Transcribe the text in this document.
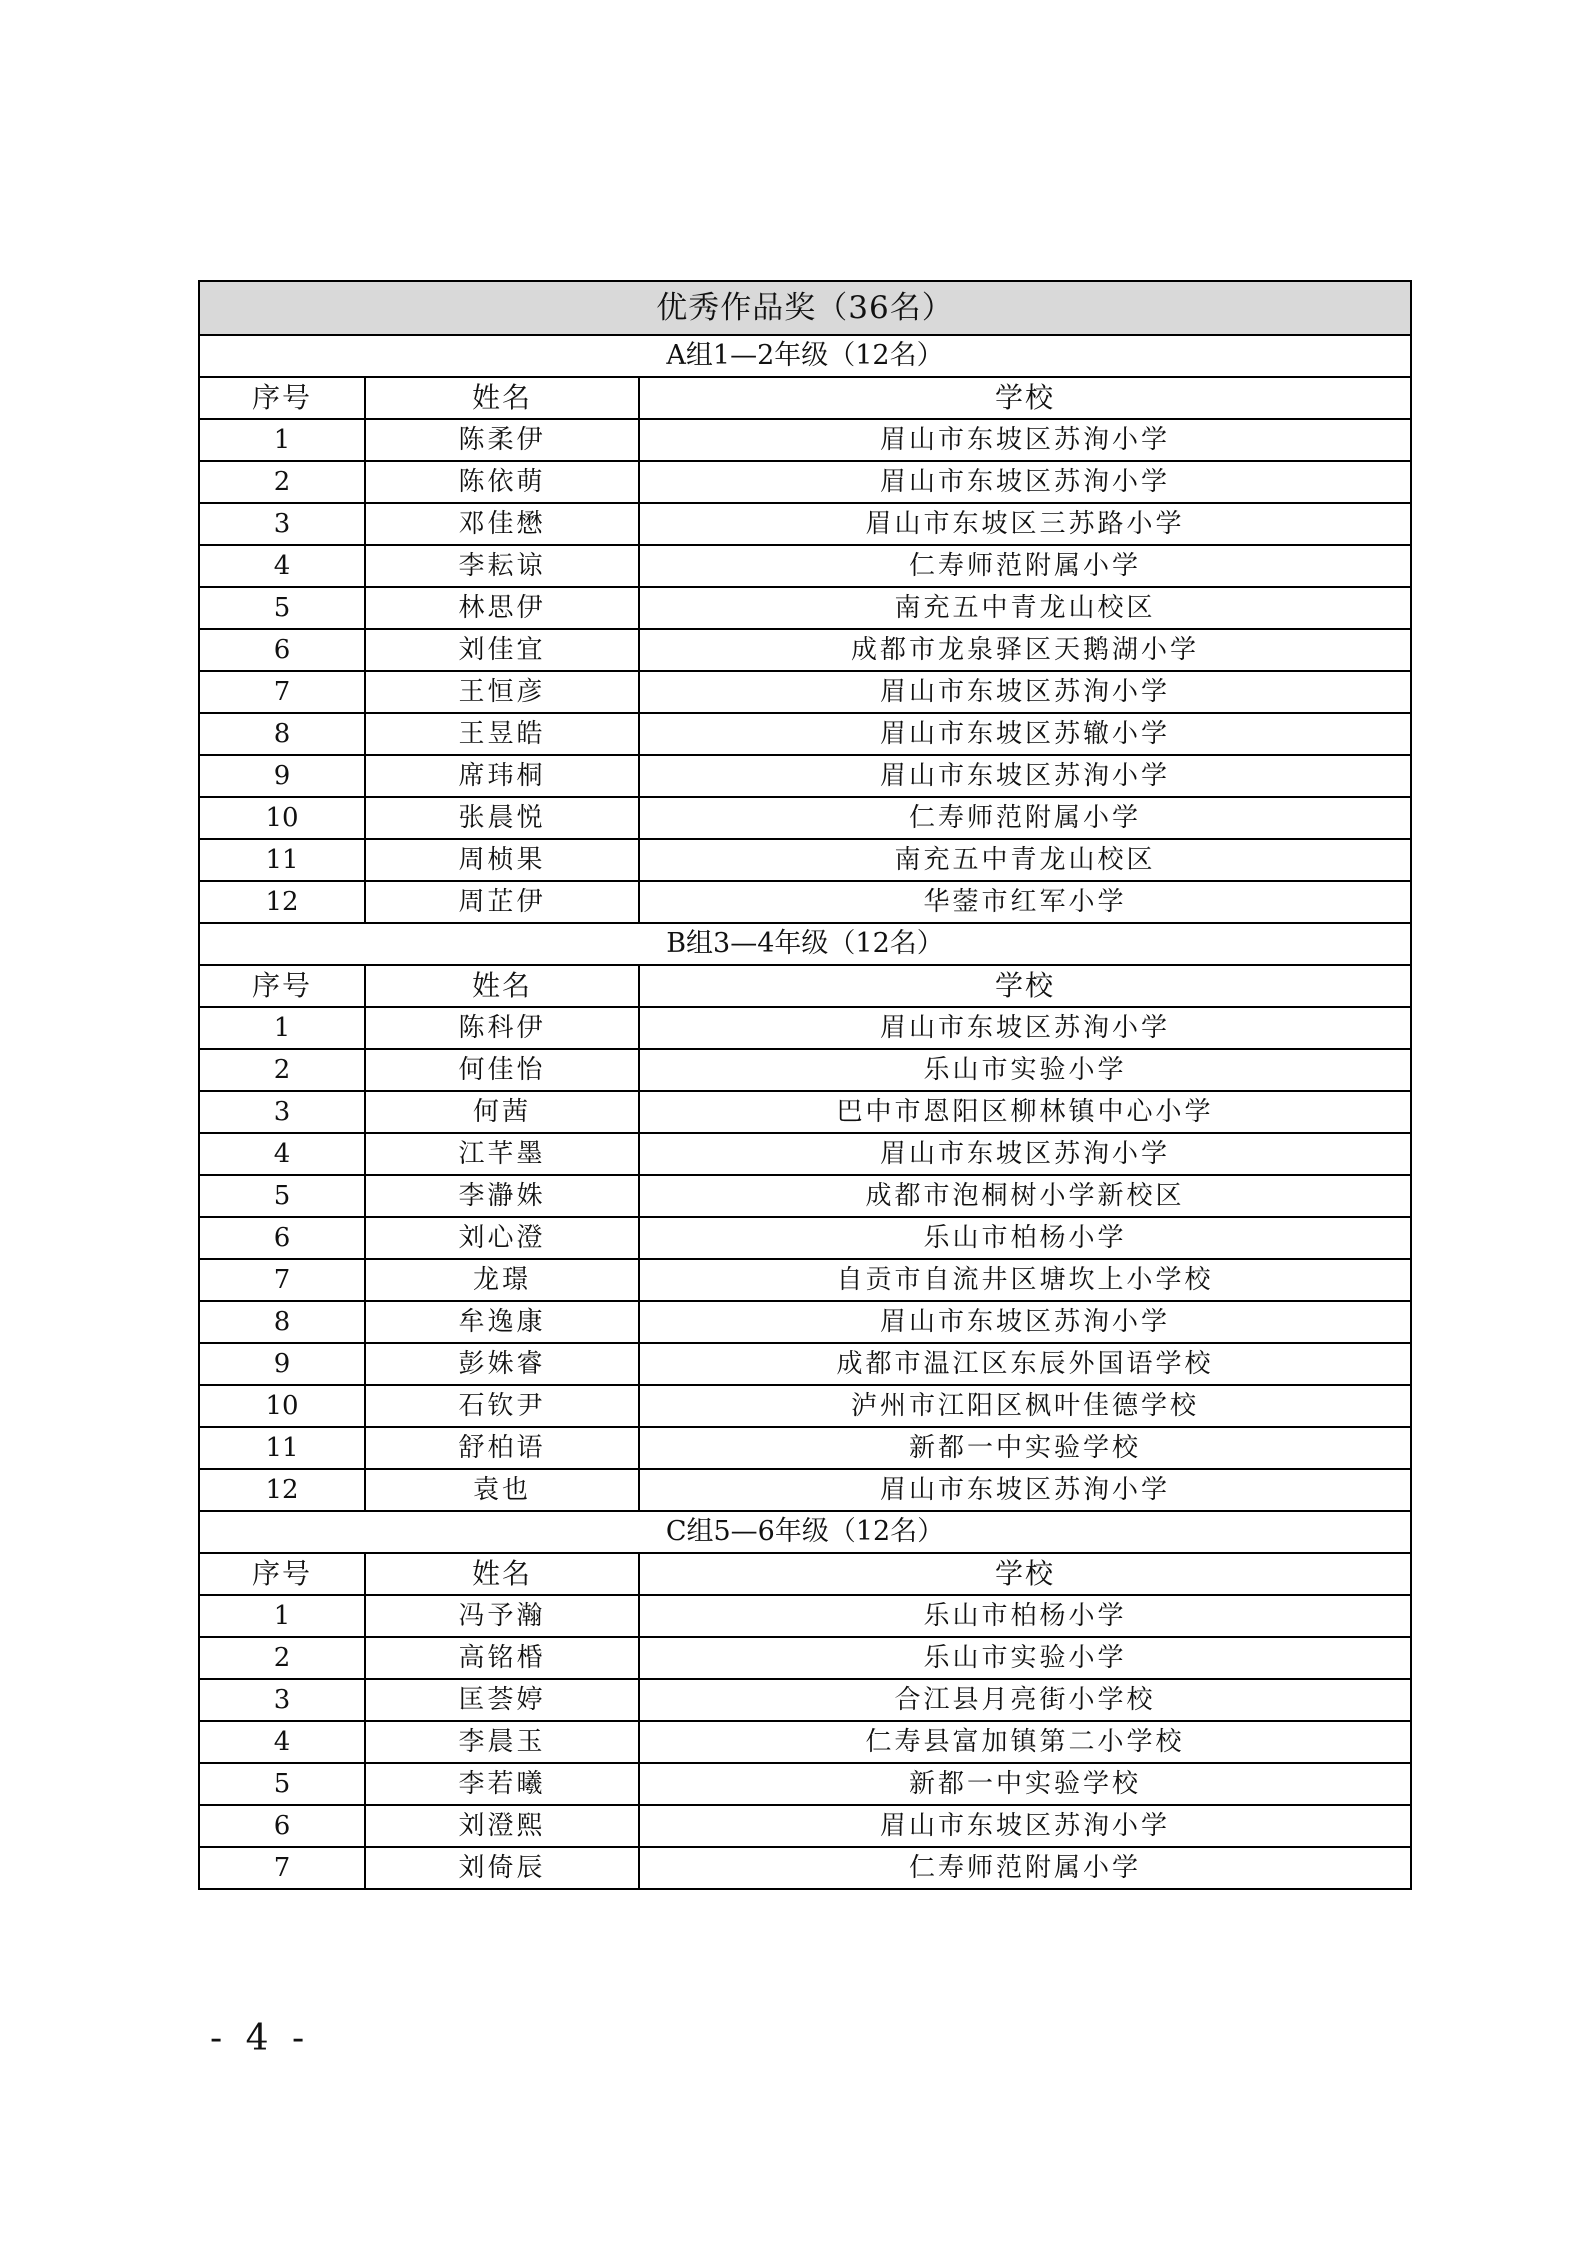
优秀作品奖（36名）		
A组1—2年级（12名）		
序号	姓名	学校
1	陈柔伊	眉山市东坡区苏洵小学
2	陈依萌	眉山市东坡区苏洵小学
3	邓佳懋	眉山市东坡区三苏路小学
4	李耘谅	仁寿师范附属小学
5	林思伊	南充五中青龙山校区
6	刘佳宜	成都市龙泉驿区天鹅湖小学
7	王恒彦	眉山市东坡区苏洵小学
8	王昱皓	眉山市东坡区苏辙小学
9	席玮桐	眉山市东坡区苏洵小学
10	张晨悦	仁寿师范附属小学
11	周桢果	南充五中青龙山校区
12	周芷伊	华蓥市红军小学
B组3—4年级（12名）		
序号	姓名	学校
1	陈科伊	眉山市东坡区苏洵小学
2	何佳怡	乐山市实验小学
3	何茜	巴中市恩阳区柳林镇中心小学
4	江芊墨	眉山市东坡区苏洵小学
5	李瀞姝	成都市泡桐树小学新校区
6	刘心澄	乐山市柏杨小学
7	龙璟	自贡市自流井区塘坎上小学校
8	牟逸康	眉山市东坡区苏洵小学
9	彭姝睿	成都市温江区东辰外国语学校
10	石钦尹	泸州市江阳区枫叶佳德学校
11	舒柏语	新都一中实验学校
12	袁也	眉山市东坡区苏洵小学
C组5—6年级（12名）		
序号	姓名	学校
1	冯予瀚	乐山市柏杨小学
2	高铭棔	乐山市实验小学
3	匡荟婷	合江县月亮街小学校
4	李晨玉	仁寿县富加镇第二小学校
5	李若曦	新都一中实验学校
6	刘澄熙	眉山市东坡区苏洵小学
7	刘倚辰	仁寿师范附属小学
- 4 -
